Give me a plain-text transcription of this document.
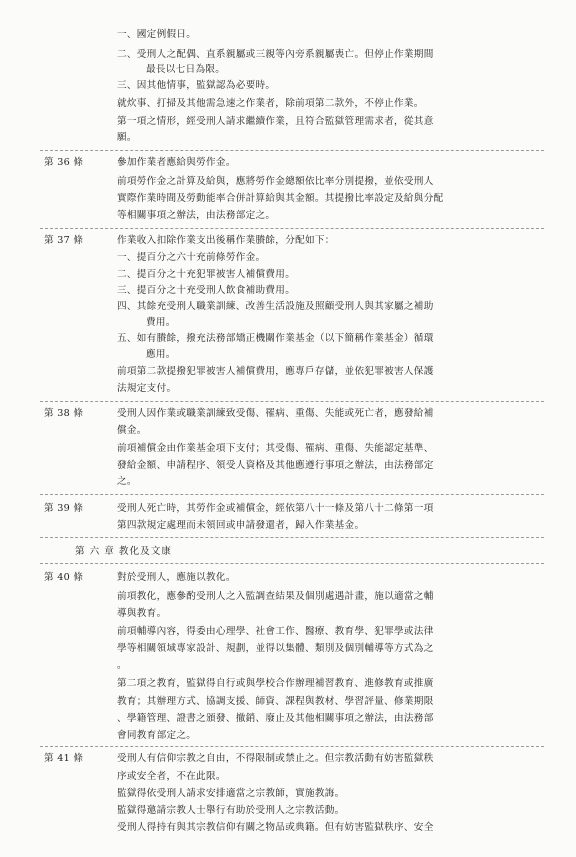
一、國定例假日。
二、受刑人之配偶、直系親屬或三親等內旁系親屬喪亡。但停止作業期間
最長以七日為限。
三、因其他情事，監獄認為必要時。
就炊事、打掃及其他需急速之作業者，除前項第二款外，不停止作業。
第一項之情形，經受刑人請求繼續作業，且符合監獄管理需求者，從其意
願。
第 36 條	參加作業者應給與勞作金。
前項勞作金之計算及給與，應將勞作金總額依比率分別提撥，並依受刑人
實際作業時間及勞動能率合併計算給與其金額。其提撥比率設定及給與分配
等相關事項之辦法，由法務部定之。
第 37 條	作業收入扣除作業支出後稱作業賸餘，分配如下：
一、提百分之六十充前條勞作金。
二、提百分之十充犯罪被害人補償費用。
三、提百分之十充受刑人飲食補助費用。
四、其餘充受刑人職業訓練、改善生活設施及照顧受刑人與其家屬之補助
費用。
五、如有賸餘，撥充法務部矯正機關作業基金（以下簡稱作業基金）循環
應用。
前項第二款提撥犯罪被害人補償費用，應專戶存儲，並依犯罪被害人保護
法規定支付。
第 38 條	受刑人因作業或職業訓練致受傷、罹病、重傷、失能或死亡者，應發給補
償金。
前項補償金由作業基金項下支付；其受傷、罹病、重傷、失能認定基準、
發給金額、申請程序、領受人資格及其他應遵行事項之辦法，由法務部定
之。
第 39 條	受刑人死亡時，其勞作金或補償金，經依第八十一條及第八十二條第一項
第四款規定處理而未領回或申請發還者，歸入作業基金。
第 六 章 教化及文康
第 40 條	對於受刑人，應施以教化。
前項教化，應參酌受刑人之入監調查結果及個別處遇計畫，施以適當之輔
導與教育。
前項輔導內容，得委由心理學、社會工作、醫療、教育學、犯罪學或法律
學等相關領域專家設計、規劃，並得以集體、類別及個別輔導等方式為之
。
第二項之教育，監獄得自行或與學校合作辦理補習教育、進修教育或推廣
教育；其辦理方式、協調支援、師資、課程與教材、學習評量、修業期限
、學籍管理、證書之頒發、撤銷、廢止及其他相關事項之辦法，由法務部
會同教育部定之。
第 41 條	受刑人有信仰宗教之自由，不得限制或禁止之。但宗教活動有妨害監獄秩
序或安全者，不在此限。
監獄得依受刑人請求安排適當之宗教師，實施教誨。
監獄得邀請宗教人士舉行有助於受刑人之宗教活動。
受刑人得持有與其宗教信仰有關之物品或典籍。但有妨害監獄秩序、安全
